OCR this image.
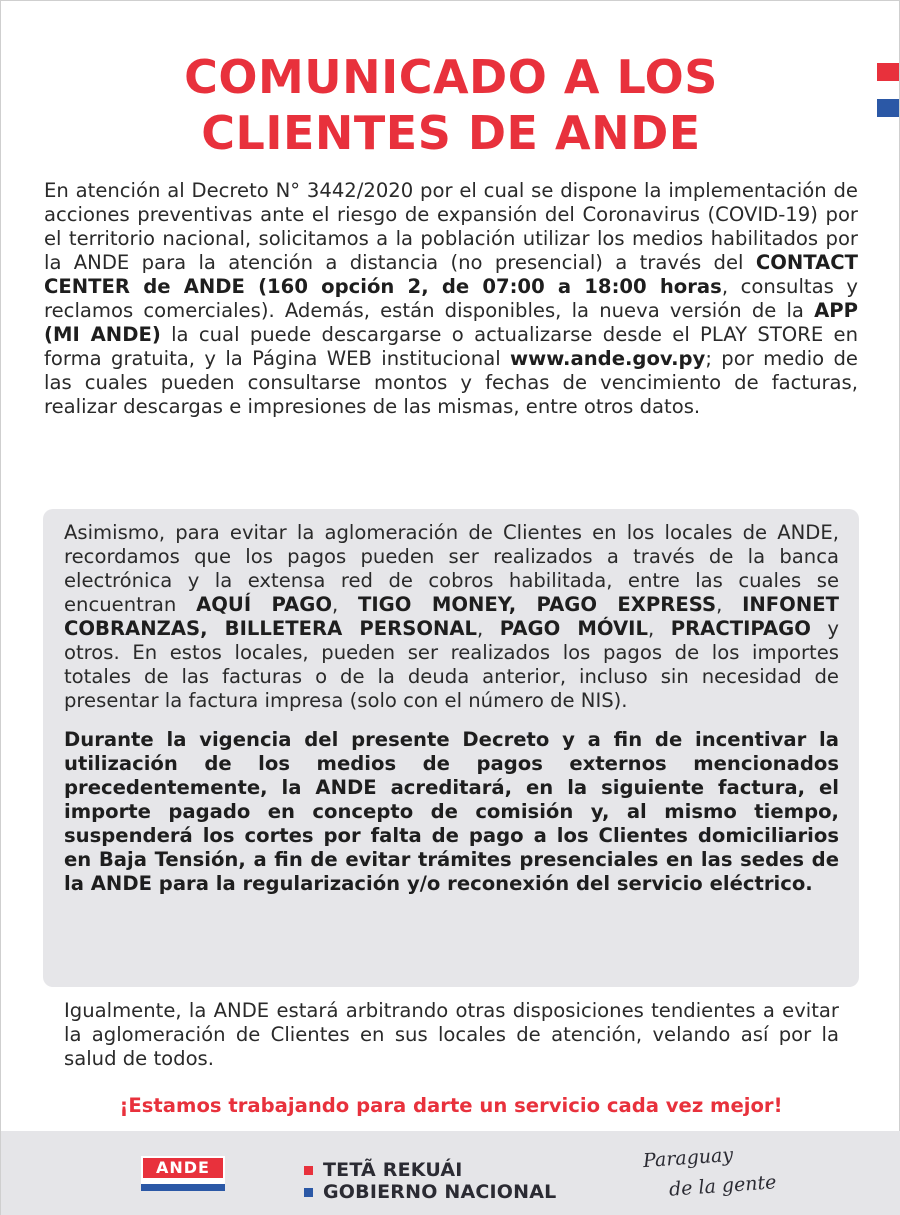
COMUNICADO A LOS
CLIENTES DE ANDE

En atención al Decreto N° 3442/2020 por el cual se dispone la implementación de acciones preventivas ante el riesgo de expansión del Coronavirus (COVID-19) por el territorio nacional, solicitamos a la población utilizar los medios habilitados por la ANDE para la atención a distancia (no presencial) a través del CONTACT CENTER de ANDE (160 opción 2, de 07:00 a 18:00 horas, consultas y reclamos comerciales). Además, están disponibles, la nueva versión de la APP (MI ANDE) la cual puede descargarse o actualizarse desde el PLAY STORE en forma gratuita, y la Página WEB institucional www.ande.gov.py; por medio de las cuales pueden consultarse montos y fechas de vencimiento de facturas, realizar descargas e impresiones de las mismas, entre otros datos.

Asimismo, para evitar la aglomeración de Clientes en los locales de ANDE, recordamos que los pagos pueden ser realizados a través de la banca electrónica y la extensa red de cobros habilitada, entre las cuales se encuentran AQUÍ PAGO, TIGO MONEY, PAGO EXPRESS, INFONET COBRANZAS, BILLETERA PERSONAL, PAGO MÓVIL, PRACTIPAGO y otros. En estos locales, pueden ser realizados los pagos de los importes totales de las facturas o de la deuda anterior, incluso sin necesidad de presentar la factura impresa (solo con el número de NIS).

Durante la vigencia del presente Decreto y a fin de incentivar la utilización de los medios de pagos externos mencionados precedentemente, la ANDE acreditará, en la siguiente factura, el importe pagado en concepto de comisión y, al mismo tiempo, suspenderá los cortes por falta de pago a los Clientes domiciliarios en Baja Tensión, a fin de evitar trámites presenciales en las sedes de la ANDE para la regularización y/o reconexión del servicio eléctrico.

Igualmente, la ANDE estará arbitrando otras disposiciones tendientes a evitar la aglomeración de Clientes en sus locales de atención, velando así por la salud de todos.

¡Estamos trabajando para darte un servicio cada vez mejor!
ANDE	TETÃ REKUÁI
GOBIERNO NACIONAL
Paraguay
de la gente
